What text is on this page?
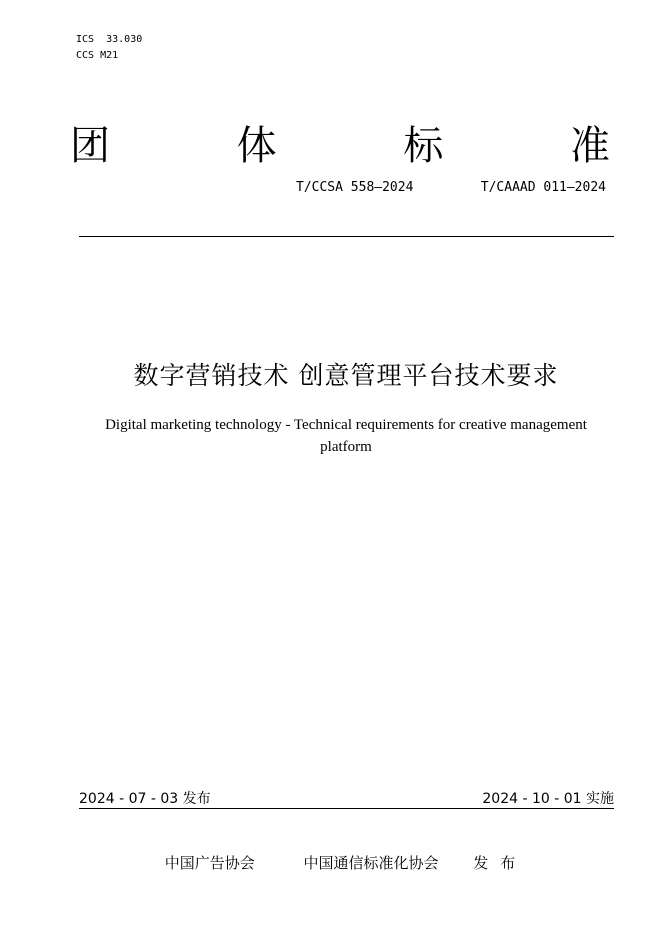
ICS 33.030
CCS M21
团	体	标	准
T/CCSA 558—2024	T/CAAAD 011—2024
数字营销技术 创意管理平台技术要求
Digital marketing technology - Technical requirements for creative management
platform
2024 - 07 - 03 发布	2024 - 10 - 01 实施
中国广告协会	中国通信标准化协会 发布
